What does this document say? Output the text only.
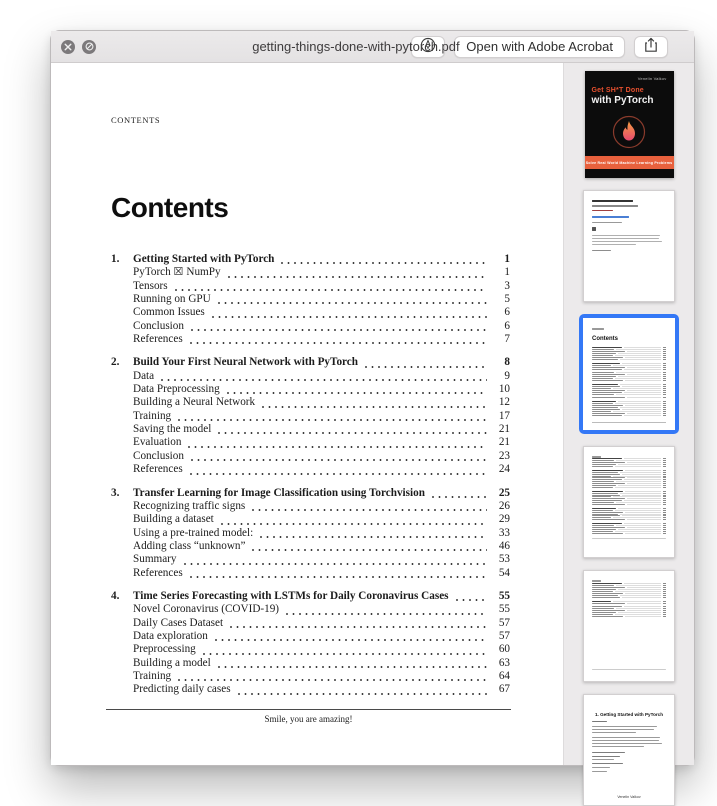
getting-things-done-with-pytorch.pdf Open with Adobe Acrobat
CONTENTS
Contents
1.	Getting Started with PyTorch	1
PyTorch ☒ NumPy	1
Tensors	3
Running on GPU	5
Common Issues	6
Conclusion	6
References	7
2.	Build Your First Neural Network with PyTorch	8
Data	9
Data Preprocessing	10
Building a Neural Network	12
Training	17
Saving the model	21
Evaluation	21
Conclusion	23
References	24
3.	Transfer Learning for Image Classification using Torchvision	25
Recognizing traffic signs	26
Building a dataset	29
Using a pre-trained model:	33
Adding class “unknown”	46
Summary	53
References	54
4.	Time Series Forecasting with LSTMs for Daily Coronavirus Cases	55
Novel Coronavirus (COVID-19)	55
Daily Cases Dataset	57
Data exploration	57
Preprocessing	60
Building a model	63
Training	64
Predicting daily cases	67
Smile, you are amazing!
Venelin Valkov
Get SH*T Done
with PyTorch
Solve Real World Machine Learning Problems
Contents
1. Getting Started with PyTorch
Venelin Valkov
